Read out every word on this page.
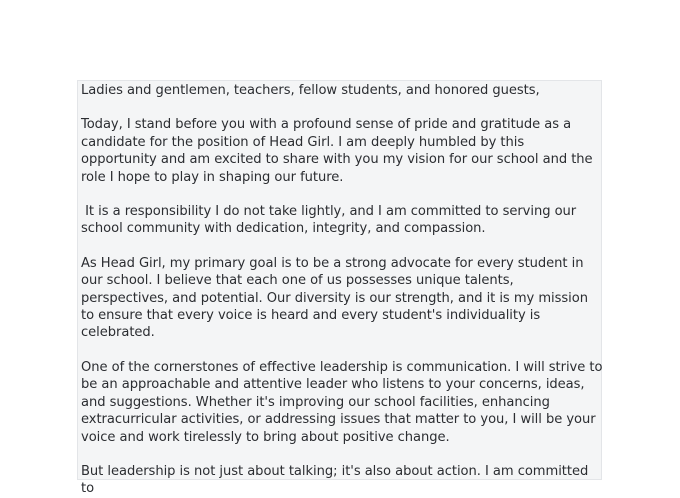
Ladies and gentlemen, teachers, fellow students, and honored guests,

Today, I stand before you with a profound sense of pride and gratitude as a candidate for the position of Head Girl. I am deeply humbled by this opportunity and am excited to share with you my vision for our school and the role I hope to play in shaping our future.

It is a responsibility I do not take lightly, and I am committed to serving our school community with dedication, integrity, and compassion.

As Head Girl, my primary goal is to be a strong advocate for every student in our school. I believe that each one of us possesses unique talents, perspectives, and potential. Our diversity is our strength, and it is my mission to ensure that every voice is heard and every student's individuality is celebrated.

One of the cornerstones of effective leadership is communication. I will strive to be an approachable and attentive leader who listens to your concerns, ideas, and suggestions. Whether it's improving our school facilities, enhancing extracurricular activities, or addressing issues that matter to you, I will be your voice and work tirelessly to bring about positive change.

But leadership is not just about talking; it's also about action. I am committed to
